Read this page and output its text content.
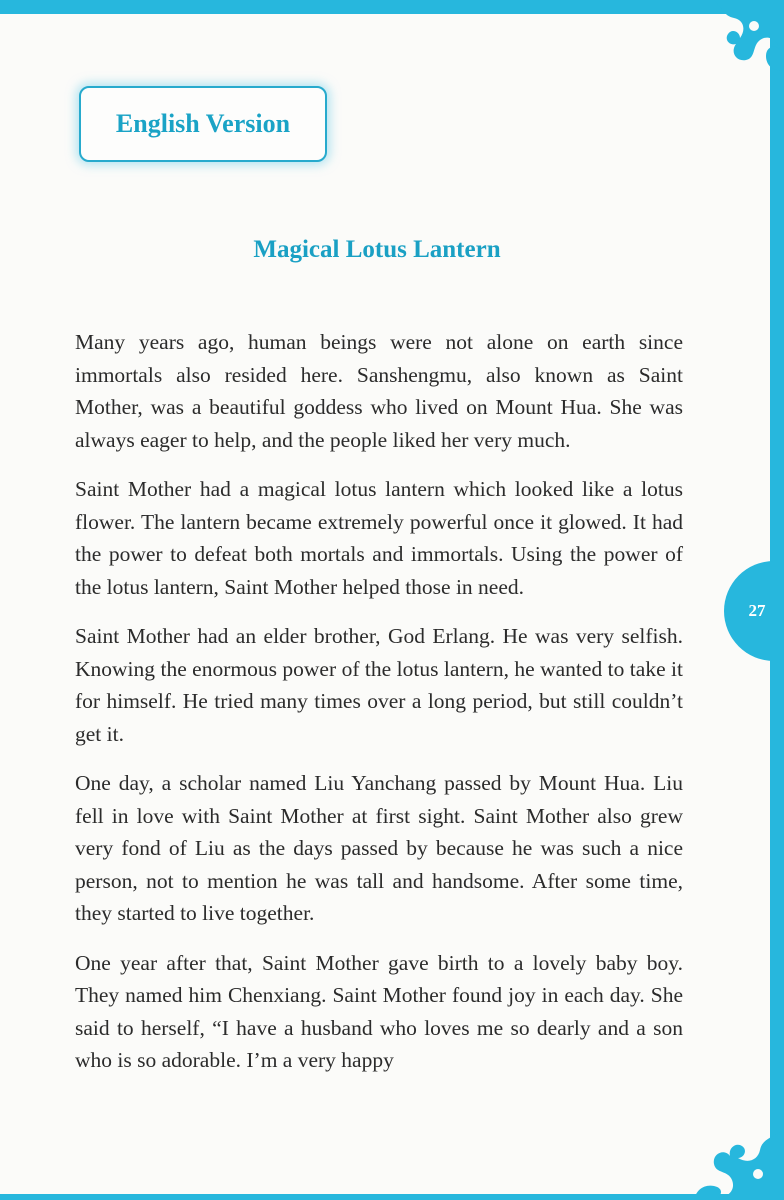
27
English Version
Magical Lotus Lantern

Many years ago, human beings were not alone on earth since immortals also resided here. Sanshengmu, also known as Saint Mother, was a beautiful goddess who lived on Mount Hua. She was always eager to help, and the people liked her very much.

Saint Mother had a magical lotus lantern which looked like a lotus flower. The lantern became extremely powerful once it glowed. It had the power to defeat both mortals and immortals. Using the power of the lotus lantern, Saint Mother helped those in need.

Saint Mother had an elder brother, God Erlang. He was very selfish. Knowing the enormous power of the lotus lantern, he wanted to take it for himself. He tried many times over a long period, but still couldn’t get it.

One day, a scholar named Liu Yanchang passed by Mount Hua. Liu fell in love with Saint Mother at first sight. Saint Mother also grew very fond of Liu as the days passed by because he was such a nice person, not to mention he was tall and handsome. After some time, they started to live together.

One year after that, Saint Mother gave birth to a lovely baby boy. They named him Chenxiang. Saint Mother found joy in each day. She said to herself, “I have a husband who loves me so dearly and a son who is so adorable. I’m a very happy
